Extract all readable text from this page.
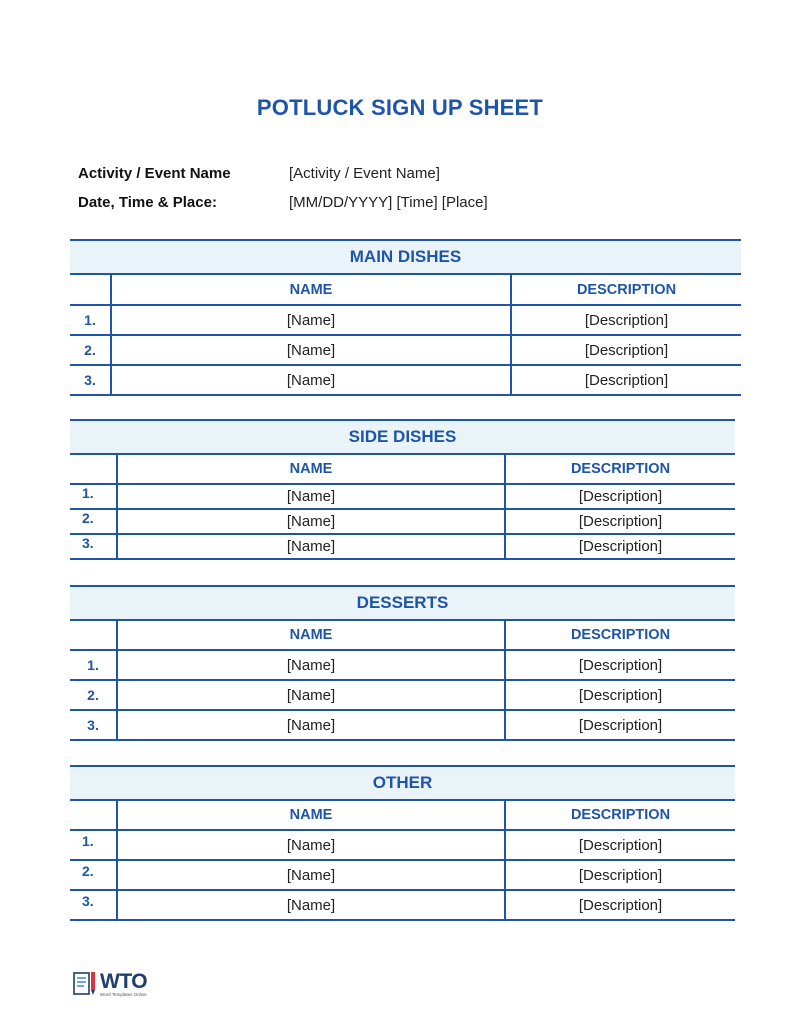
POTLUCK SIGN UP SHEET
Activity / Event Name	[Activity / Event Name]
Date, Time & Place:	[MM/DD/YYYY] [Time] [Place]
MAIN DISHES
NAME	DESCRIPTION
1.	[Name]	[Description]
2.	[Name]	[Description]
3.	[Name]	[Description]
SIDE DISHES
NAME	DESCRIPTION
1.	[Name]	[Description]
2.	[Name]	[Description]
3.	[Name]	[Description]
DESSERTS
NAME	DESCRIPTION
1.	[Name]	[Description]
2.	[Name]	[Description]
3.	[Name]	[Description]
OTHER
NAME	DESCRIPTION
1.	[Name]	[Description]
2.	[Name]	[Description]
3.	[Name]	[Description]
WTO
Word Templates Online
